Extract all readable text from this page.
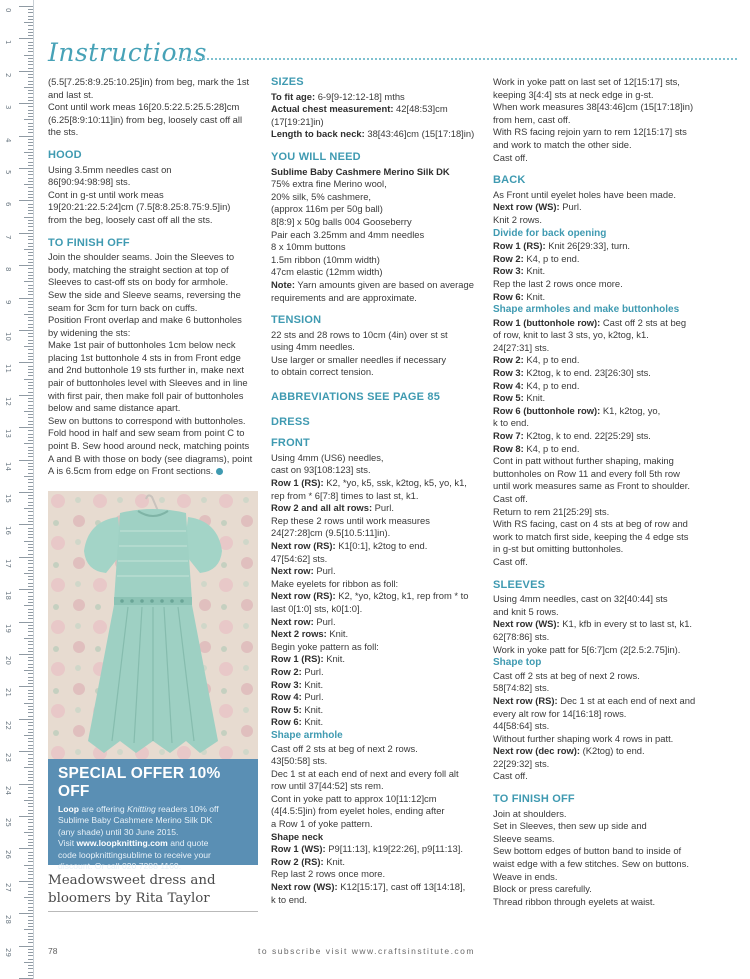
0
1
2
3
4
5
6
7
8
9
10
11
12
13
14
15
16
17
18
19
20
21
22
23
24
25
26
27
28
29
Instructions

(5.5[7.25:8:9.25:10.25]in) from beg, mark the 1st

and last st.

Cont until work meas 16[20.5:22.5:25.5:28]cm

(6.25[8:9:10:11]in) from beg, loosely cast off all

the sts.

HOOD

Using 3.5mm needles cast on

86[90:94:98:98] sts.

Cont in g-st until work meas

19[20:21:22.5:24]cm (7.5[8:8.25:8.75:9.5]in)

from the beg, loosely cast off all the sts.

TO FINISH OFF

Join the shoulder seams. Join the Sleeves to

body, matching the straight section at top of

Sleeves to cast-off sts on body for armhole.

Sew the side and Sleeve seams, reversing the

seam for 3cm for turn back on cuffs.

Position Front overlap and make 6 buttonholes

by widening the sts:

Make 1st pair of buttonholes 1cm below neck

placing 1st buttonhole 4 sts in from Front edge

and 2nd buttonhole 19 sts further in, make next

pair of buttonholes level with Sleeves and in line

with first pair, then make foll pair of buttonholes

below and same distance apart.

Sew on buttons to correspond with buttonholes.

Fold hood in half and sew seam from point C to

point B. Sew hood around neck, matching points

A and B with those on body (see diagrams), point

A is 6.5cm from edge on Front sections.

SPECIAL OFFER 10% OFF
Loop are offering Knitting readers 10% off
Sublime Baby Cashmere Merino Silk DK
(any shade) until 30 June 2015.
Visit www.loopknitting.com and quote
code loopknittingsublime to receive your
discount. Or call 020 7288 1160.
Meadowsweet dress and
bloomers by Rita Taylor
SIZES

To fit age: 6-9[9-12:12-18] mths

Actual chest measurement: 42[48:53]cm

(17[19:21]in)

Length to back neck: 38[43:46]cm (15[17:18]in)

YOU WILL NEED

Sublime Baby Cashmere Merino Silk DK

75% extra fine Merino wool,

20% silk, 5% cashmere,

(approx 116m per 50g ball)

8[8:9] x 50g balls 004 Gooseberry

Pair each 3.25mm and 4mm needles

8 x 10mm buttons

1.5m ribbon (10mm width)

47cm elastic (12mm width)

Note: Yarn amounts given are based on average

requirements and are approximate.

TENSION

22 sts and 28 rows to 10cm (4in) over st st

using 4mm needles.

Use larger or smaller needles if necessary

to obtain correct tension.

ABBREVIATIONS SEE PAGE 85
DRESS
FRONT

Using 4mm (US6) needles,

cast on 93[108:123] sts.

Row 1 (RS): K2, *yo, k5, ssk, k2tog, k5, yo, k1,

rep from * 6[7:8] times to last st, k1.

Row 2 and all alt rows: Purl.

Rep these 2 rows until work measures

24[27:28]cm (9.5[10.5:11]in).

Next row (RS): K1[0:1], k2tog to end.

47[54:62] sts.

Next row: Purl.

Make eyelets for ribbon as foll:

Next row (RS): K2, *yo, k2tog, k1, rep from * to

last 0[1:0] sts, k0[1:0].

Next row: Purl.

Next 2 rows: Knit.

Begin yoke pattern as foll:

Row 1 (RS): Knit.

Row 2: Purl.

Row 3: Knit.

Row 4: Purl.

Row 5: Knit.

Row 6: Knit.

Shape armhole

Cast off 2 sts at beg of next 2 rows.

43[50:58] sts.

Dec 1 st at each end of next and every foll alt

row until 37[44:52] sts rem.

Cont in yoke patt to approx 10[11:12]cm

(4[4.5:5]in) from eyelet holes, ending after

a Row 1 of yoke pattern.

Shape neck

Row 1 (WS): P9[11:13], k19[22:26], p9[11:13].

Row 2 (RS): Knit.

Rep last 2 rows once more.

Next row (WS): K12[15:17], cast off 13[14:18],

k to end.

Work in yoke patt on last set of 12[15:17] sts,

keeping 3[4:4] sts at neck edge in g-st.

When work measures 38[43:46]cm (15[17:18]in)

from hem, cast off.

With RS facing rejoin yarn to rem 12[15:17] sts

and work to match the other side.

Cast off.

BACK

As Front until eyelet holes have been made.

Next row (WS): Purl.

Knit 2 rows.

Divide for back opening

Row 1 (RS): Knit 26[29:33], turn.

Row 2: K4, p to end.

Row 3: Knit.

Rep the last 2 rows once more.

Row 6: Knit.

Shape armholes and make buttonholes

Row 1 (buttonhole row): Cast off 2 sts at beg

of row, knit to last 3 sts, yo, k2tog, k1.

24[27:31] sts.

Row 2: K4, p to end.

Row 3: K2tog, k to end. 23[26:30] sts.

Row 4: K4, p to end.

Row 5: Knit.

Row 6 (buttonhole row): K1, k2tog, yo,

k to end.

Row 7: K2tog, k to end. 22[25:29] sts.

Row 8: K4, p to end.

Cont in patt without further shaping, making

buttonholes on Row 11 and every foll 5th row

until work measures same as Front to shoulder.

Cast off.

Return to rem 21[25:29] sts.

With RS facing, cast on 4 sts at beg of row and

work to match first side, keeping the 4 edge sts

in g-st but omitting buttonholes.

Cast off.

SLEEVES

Using 4mm needles, cast on 32[40:44] sts

and knit 5 rows.

Next row (WS): K1, kfb in every st to last st, k1.

62[78:86] sts.

Work in yoke patt for 5[6:7]cm (2[2.5:2.75]in).

Shape top

Cast off 2 sts at beg of next 2 rows.

58[74:82] sts.

Next row (RS): Dec 1 st at each end of next and

every alt row for 14[16:18] rows.

44[58:64] sts.

Without further shaping work 4 rows in patt.

Next row (dec row): (K2tog) to end.

22[29:32] sts.

Cast off.

TO FINISH OFF

Join at shoulders.

Set in Sleeves, then sew up side and

Sleeve seams.

Sew bottom edges of button band to inside of

waist edge with a few stitches. Sew on buttons.

Weave in ends.

Block or press carefully.

Thread ribbon through eyelets at waist.

78	to subscribe visit www.craftsinstitute.com
